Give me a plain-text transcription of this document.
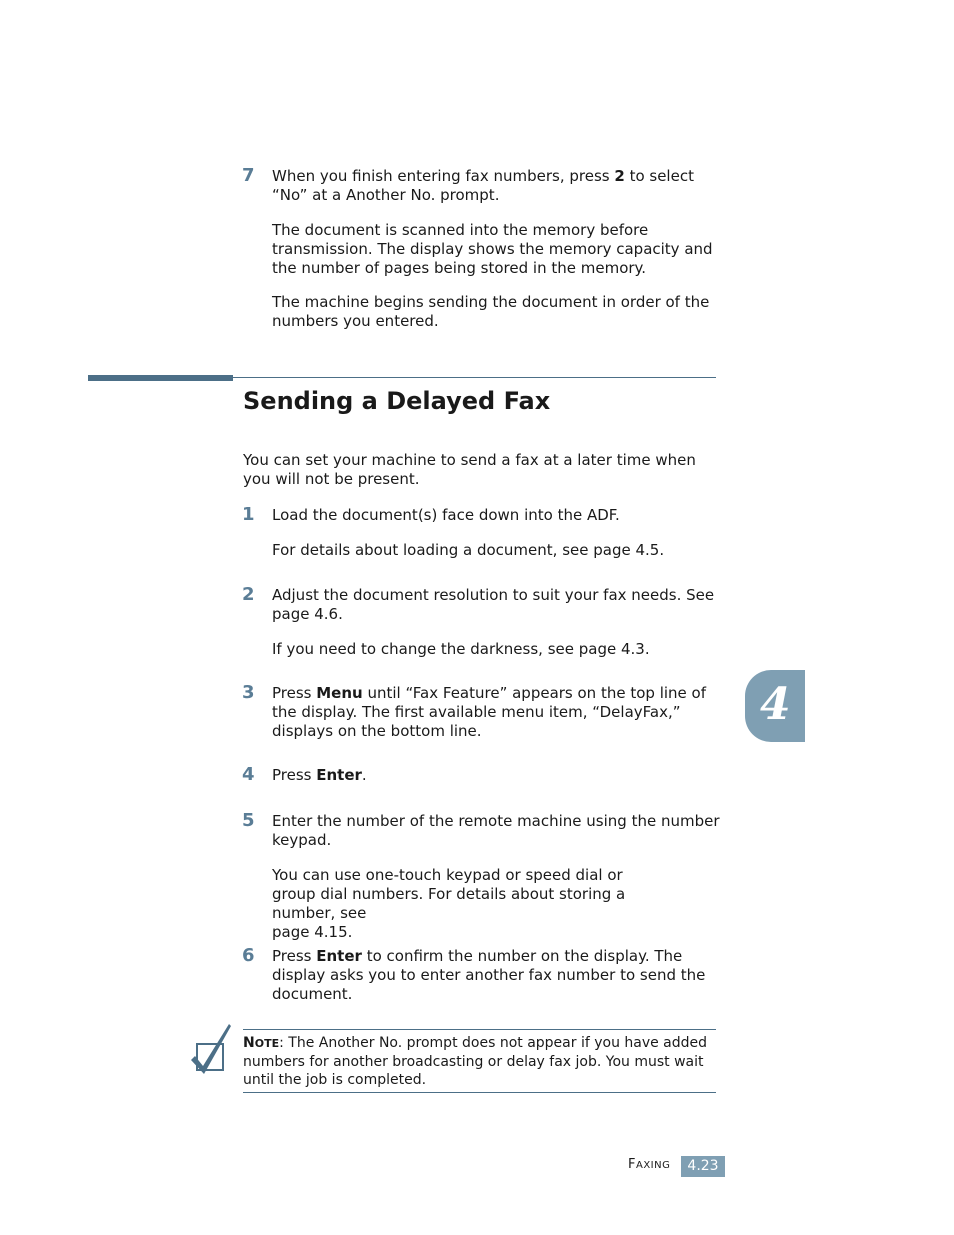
7	When you finish entering fax numbers, press 2 to select “No” at a Another No. prompt.
The document is scanned into the memory before transmission. The display shows the memory capacity and the number of pages being stored in the memory.
The machine begins sending the document in order of the numbers you entered.
Sending a Delayed Fax
You can set your machine to send a fax at a later time when you will not be present.
1	Load the document(s) face down into the ADF.
For details about loading a document, see page 4.5.
2	Adjust the document resolution to suit your fax needs. See page 4.6.
If you need to change the darkness, see page 4.3.
3	Press Menu until “Fax Feature” appears on the top line of the display. The first available menu item, “DelayFax,” displays on the bottom line.
4	Press Enter.
5	Enter the number of the remote machine using the number keypad.
You can use one-touch keypad or speed dial or group dial numbers. For details about storing a number, see
page 4.15.
6	Press Enter to confirm the number on the display. The display asks you to enter another fax number to send the document.
NOTE: The Another No. prompt does not appear if you have added numbers for another broadcasting or delay fax job. You must wait until the job is completed.
4
FAXING	4.23
